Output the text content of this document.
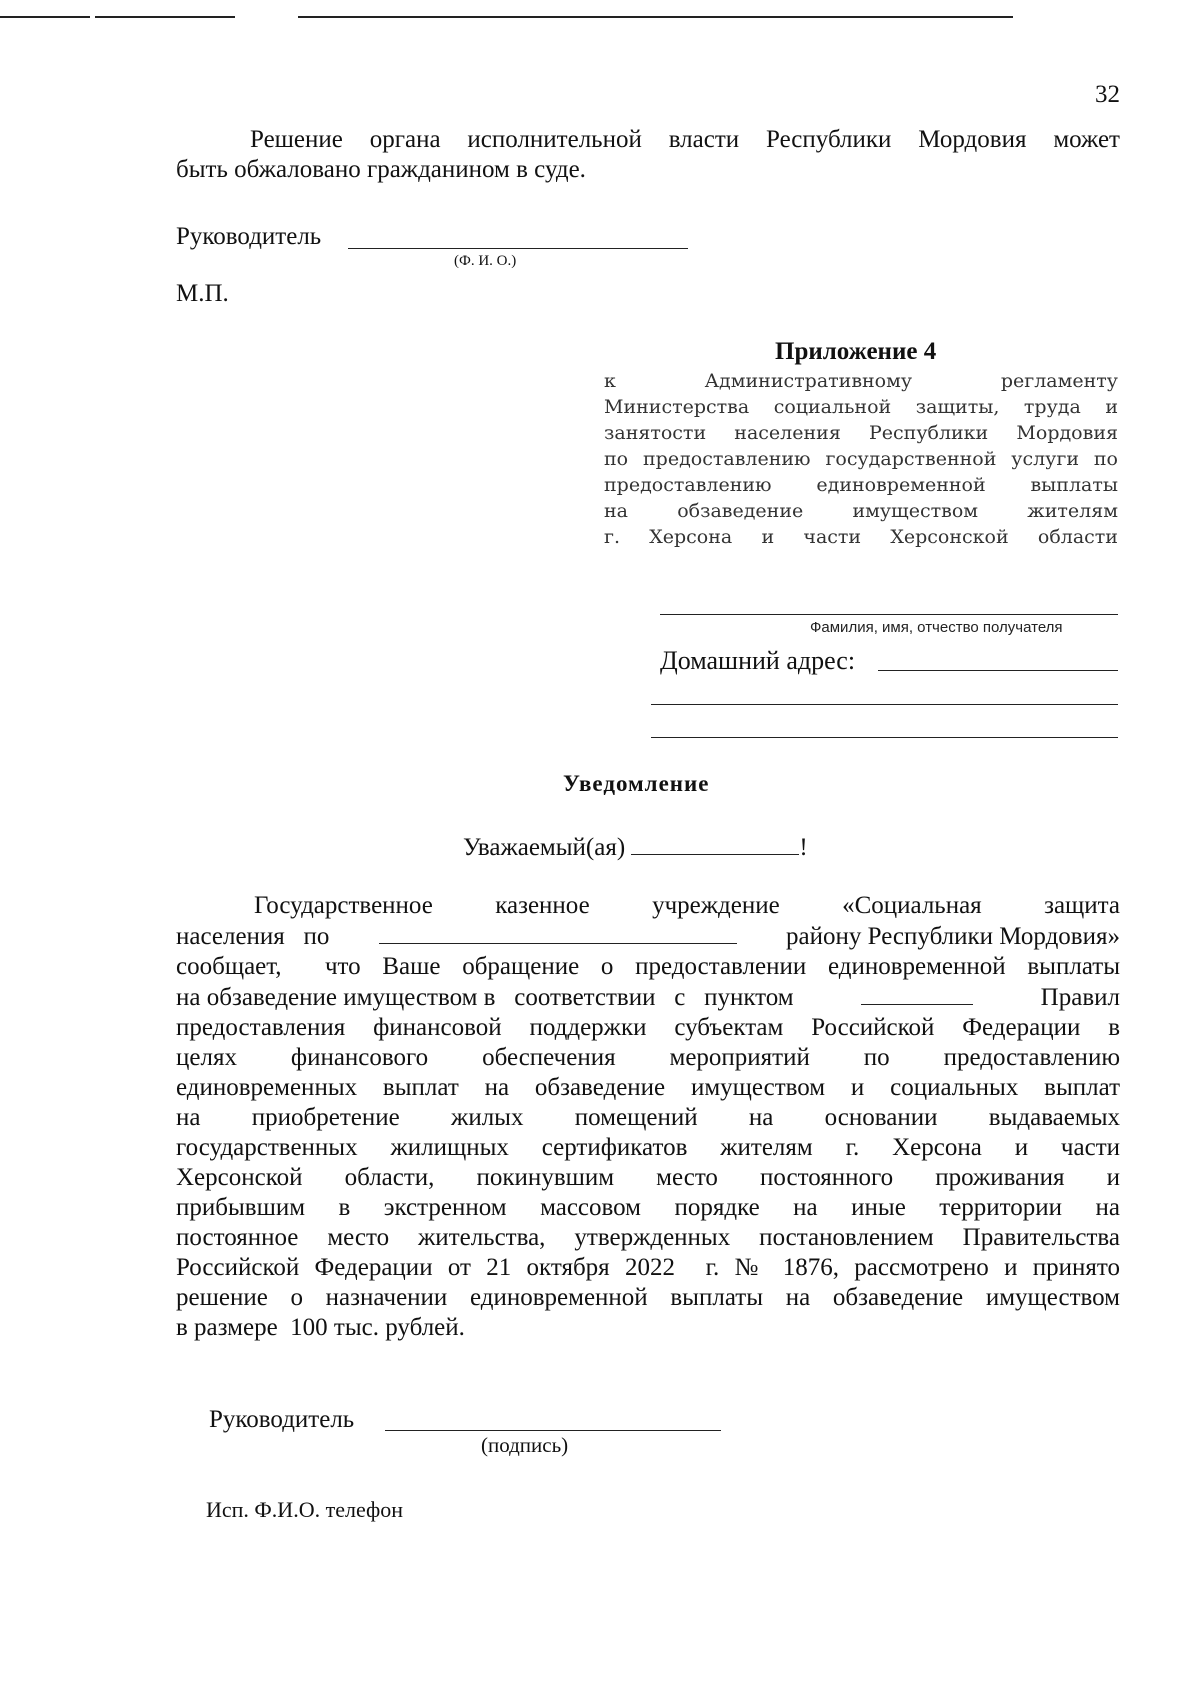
32
Решение органа исполнительной власти Республики Мордовия может
быть обжаловано гражданином в суде.
Руководитель
(Ф. И. О.)
М.П.
Приложение 4
к	Административному	регламенту
Министерства социальной защиты, труда и
занятости населения Республики Мордовия
по предоставлению государственной услуги по
предоставлению единовременной выплаты
на	обзаведение	имуществом	жителям
г. Херсона и части Херсонской области
Фамилия, имя, отчество получателя
Домашний адрес:
Уведомление
Уважаемый(ая)	!
Государственное казенное учреждение «Социальная защита
населения   по	району Республики Мордовия»
сообщает,  что Ваше обращение о предоставлении единовременной выплаты
на обзаведение имуществом в   соответствии   с   пунктом	Правил
предоставления финансовой поддержки субъектам Российской Федерации в
целях   финансового   обеспечения   мероприятий   по   предоставлению
единовременных выплат на обзаведение имуществом и социальных выплат
на   приобретение   жилых   помещений   на   основании   выдаваемых
государственных жилищных сертификатов жителям г. Херсона и части
Херсонской   области,   покинувшим   место   постоянного   проживания   и
прибывшим   в   экстренном   массовом   порядке   на   иные   территории   на
постоянное место жительства, утвержденных постановлением Правительства
Российской Федерации от 21 октября 2022  г. № 1876, рассмотрено и принято
решение о назначении единовременной выплаты на обзаведение имуществом
в размере  100 тыс. рублей.
Руководитель
(подпись)
Исп. Ф.И.О. телефон
